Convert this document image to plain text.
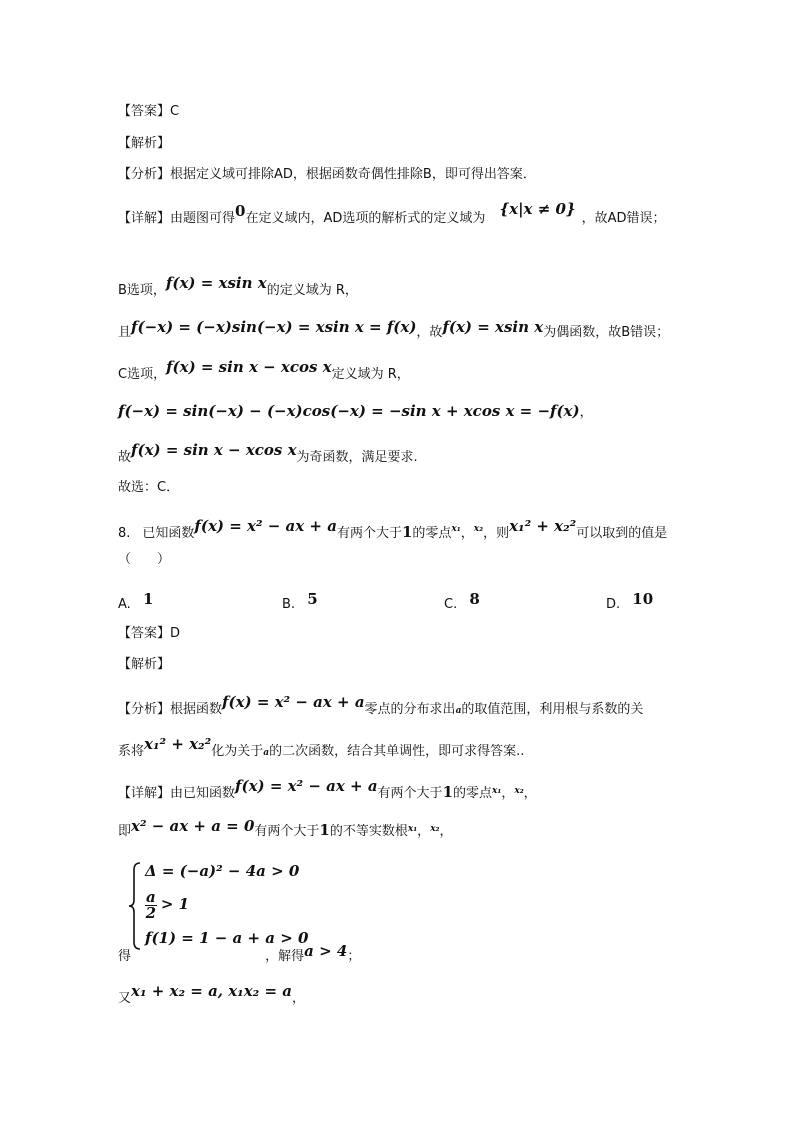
【答案】C
【解析】
【分析】根据定义域可排除AD，根据函数奇偶性排除B，即可得出答案．
【详解】由题图可得0在定义域内，AD选项的解析式的定义域为 {x|x ≠ 0}，故AD错误；
B选项，f(x) = xsin x的定义域为 R，
且f(−x) = (−x)sin(−x) = xsin x = f(x)，故f(x) = xsin x为偶函数，故B错误；
C选项，f(x) = sin x − xcos x定义域为 R，
f(−x) = sin(−x) − (−x)cos(−x) = −sin x + xcos x = −f(x)，
故f(x) = sin x − xcos x为奇函数，满足要求.
故选：C．
8. 已知函数f(x) = x² − ax + a有两个大于1的零点$^{x_1}$，$^{x_2}$，则x₁² + x₂²可以取到的值是
（　　）
A. 1	B. 5	C. 8	D. 10
【答案】D
【解析】
【分析】根据函数f(x) = x² − ax + a零点的分布求出a的取值范围，利用根与系数的关
系将x₁² + x₂²化为关于a的二次函数，结合其单调性，即可求得答案..
【详解】由已知函数f(x) = x² − ax + a有两个大于1的零点$^{x_1}$，$^{x_2}$，
即x² − ax + a = 0有两个大于1的不等实数根$^{x_1}$，$^{x_2}$，
Δ = (−a)² − 4a > 0
$\frac{a}{2} > 1$
f(1) = 1 − a + a > 0
得	，解得a > 4；
又x₁ + x₂ = a, x₁x₂ = a，
